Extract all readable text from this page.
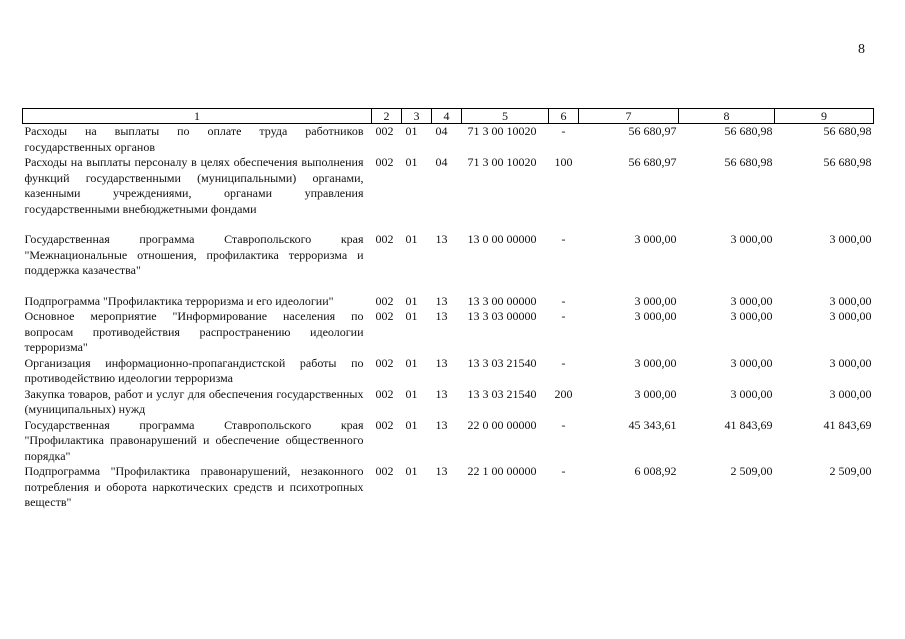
8
1	2	3	4	5	6	7	8	9
Расходы на выплаты по оплате труда работников государственных органов	002	01	04	71 3 00 10020	-	56 680,97	56 680,98	56 680,98
Расходы на выплаты персоналу в целях обеспечения выполнения функций государственными (муниципальными) органами, казенными учреждениями, органами управления государственными внебюджетными фондами	002	01	04	71 3 00 10020	100	56 680,97	56 680,98	56 680,98

Государственная программа Ставропольского края "Межнациональные отношения, профилактика терроризма и поддержка казачества"	002	01	13	13 0 00 00000	-	3 000,00	3 000,00	3 000,00

Подпрограмма "Профилактика терроризма и его идеологии"	002	01	13	13 3 00 00000	-	3 000,00	3 000,00	3 000,00
Основное мероприятие "Информирование населения по вопросам противодействия распространению идеологии терроризма"	002	01	13	13 3 03 00000	-	3 000,00	3 000,00	3 000,00
Организация информационно-пропагандистской работы по противодействию идеологии терроризма	002	01	13	13 3 03 21540	-	3 000,00	3 000,00	3 000,00
Закупка товаров, работ и услуг для обеспечения государственных (муниципальных) нужд	002	01	13	13 3 03 21540	200	3 000,00	3 000,00	3 000,00
Государственная программа Ставропольского края "Профилактика правонарушений и обеспечение общественного порядка"	002	01	13	22 0 00 00000	-	45 343,61	41 843,69	41 843,69
Подпрограмма "Профилактика правонарушений, незаконного потребления и оборота наркотических средств и психотропных веществ"	002	01	13	22 1 00 00000	-	6 008,92	2 509,00	2 509,00
